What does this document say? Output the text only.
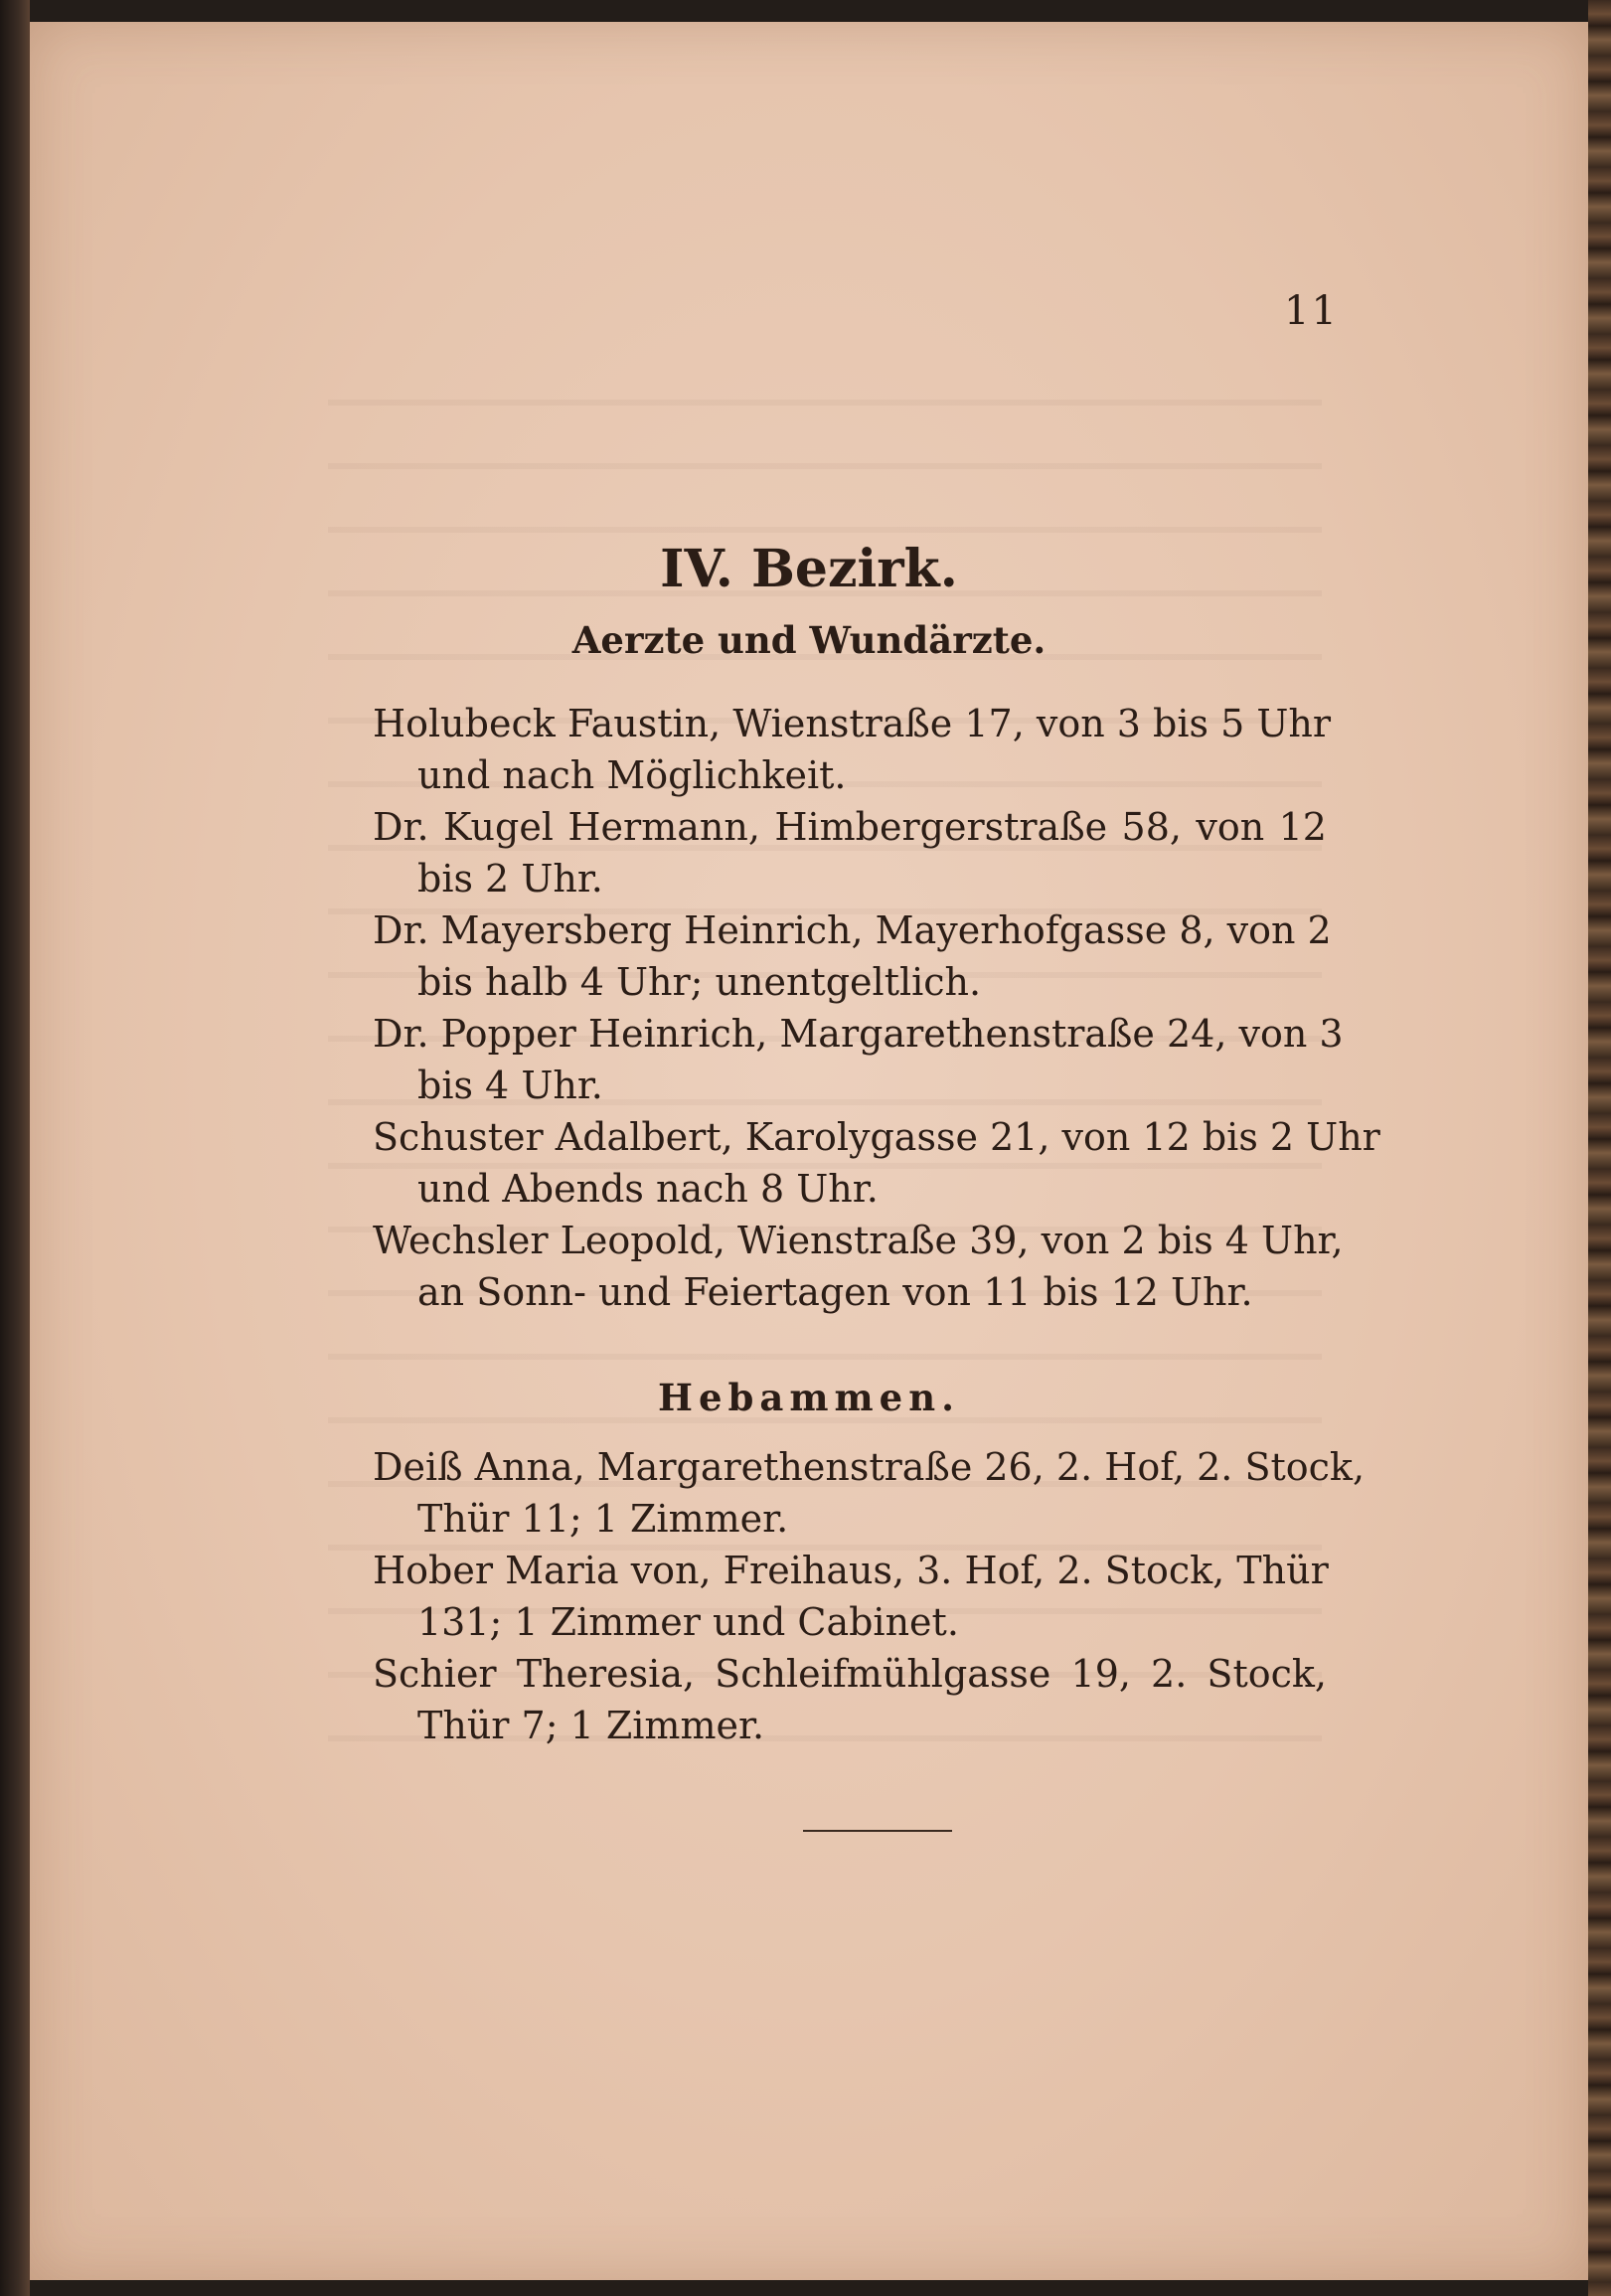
11
IV. Bezirk.
Aerzte und Wundärzte.
Holubeck Faustin, Wienstraße 17, von 3 bis 5 Uhr
und nach Möglichkeit.
Dr. Kugel Hermann, Himbergerstraße 58, von 12
bis 2 Uhr.
Dr. Mayersberg Heinrich, Mayerhofgasse 8, von 2
bis halb 4 Uhr; unentgeltlich.
Dr. Popper Heinrich, Margarethenstraße 24, von 3
bis 4 Uhr.
Schuster Adalbert, Karolygasse 21, von 12 bis 2 Uhr
und Abends nach 8 Uhr.
Wechsler Leopold, Wienstraße 39, von 2 bis 4 Uhr,
an Sonn- und Feiertagen von 11 bis 12 Uhr.
Hebammen.
Deiß Anna, Margarethenstraße 26, 2. Hof, 2. Stock,
Thür 11; 1 Zimmer.
Hober Maria von, Freihaus, 3. Hof, 2. Stock, Thür
131; 1 Zimmer und Cabinet.
Schier Theresia, Schleifmühlgasse 19, 2. Stock,
Thür 7; 1 Zimmer.
